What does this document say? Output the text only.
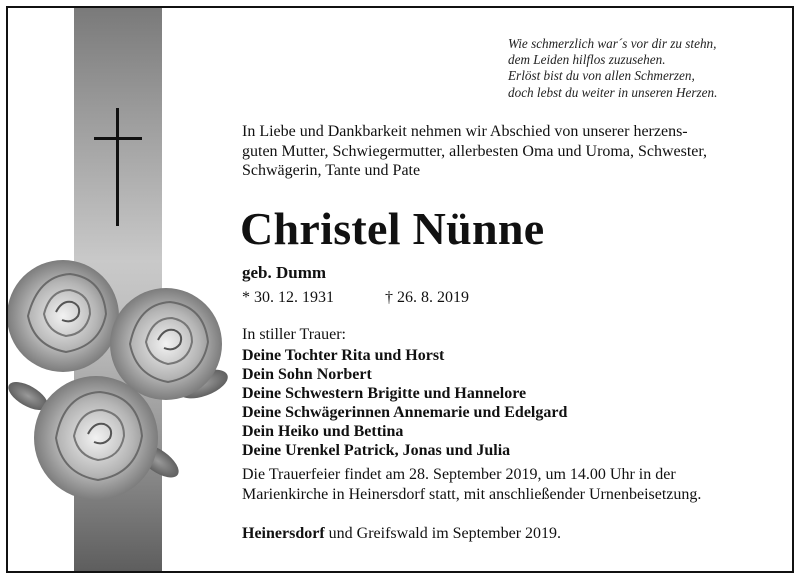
Wie schmerzlich war´s vor dir zu stehn,
dem Leiden hilflos zuzusehen.
Erlöst bist du von allen Schmerzen,
doch lebst du weiter in unseren Herzen.
In Liebe und Dankbarkeit nehmen wir Abschied von unserer herzens-
guten Mutter, Schwiegermutter, allerbesten Oma und Uroma, Schwester,
Schwägerin, Tante und Pate
Christel Nünne
geb. Dumm
* 30. 12. 1931	† 26. 8. 2019
In stiller Trauer:
Deine Tochter Rita und Horst
Dein Sohn Norbert
Deine Schwestern Brigitte und Hannelore
Deine Schwägerinnen Annemarie und Edelgard
Dein Heiko und Bettina
Deine Urenkel Patrick, Jonas und Julia
Die Trauerfeier findet am 28. September 2019, um 14.00 Uhr in der
Marienkirche in Heinersdorf statt, mit anschließender Urnenbeisetzung.
Heinersdorf und Greifswald im September 2019.
